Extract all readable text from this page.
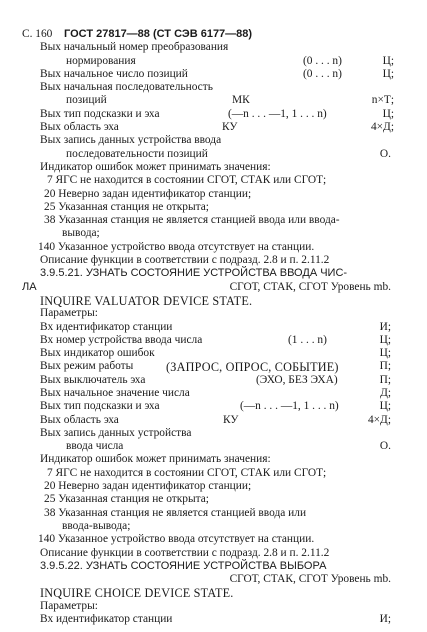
С. 160 ГОСТ 27817—88 (СТ СЭВ 6177—88)
Вых начальный номер преобразования
нормирования	(0 . . . n)	Ц;
Вых начальное число позиций	(0 . . . n)	Ц;
Вых начальная последовательность
позиций	МК	n×Т;
Вых тип подсказки и эха	(—n . . . —1, 1 . . . n)	Ц;
Вых область эха	КУ	4×Д;
Вых запись данных устройства ввода
последовательности позиций	О.
Индикатор ошибок может принимать значения:
7 ЯГС не находится в состоянии СГОТ, СТАК или СГОТ;
20 Неверно задан идентификатор станции;
25 Указанная станция не открыта;
38 Указанная станция не является станцией ввода или ввода-
вывода;
140 Указанное устройство ввода отсутствует на станции.
Описание функции в соответствии с подразд. 2.8 и п. 2.11.2
3.9.5.21. УЗНАТЬ СОСТОЯНИЕ УСТРОЙСТВА ВВОДА ЧИС-
ЛА	СГОТ, СТАК, СГОТ Уровень mb.
INQUIRE VALUATOR DEVICE STATE.
Параметры:
Вх идентификатор станции	И;
Вх номер устройства ввода числа	(1 . . . n)	Ц;
Вых индикатор ошибок	Ц;
Вых режим работы	(ЗАПРОС, ОПРОС, СОБЫТИЕ)	П;
Вых выключатель эха	(ЭХО, БЕЗ ЭХА)	П;
Вых начальное значение числа	Д;
Вых тип подсказки и эха	(—n . . . —1, 1 . . . n)	Ц;
Вых область эха	КУ	4×Д;
Вых запись данных устройства
ввода числа	О.
Индикатор ошибок может принимать значения:
7 ЯГС не находится в состоянии СГОТ, СТАК или СГОТ;
20 Неверно задан идентификатор станции;
25 Указанная станция не открыта;
38 Указанная станция не является станцией ввода или
ввода-вывода;
140 Указанное устройство ввода отсутствует на станции.
Описание функции в соответствии с подразд. 2.8 и п. 2.11.2
3.9.5.22. УЗНАТЬ СОСТОЯНИЕ УСТРОЙСТВА ВЫБОРА
СГОТ, СТАК, СГОТ Уровень mb.
INQUIRE CHOICE DEVICE STATE.
Параметры:
Вх идентификатор станции	И;
